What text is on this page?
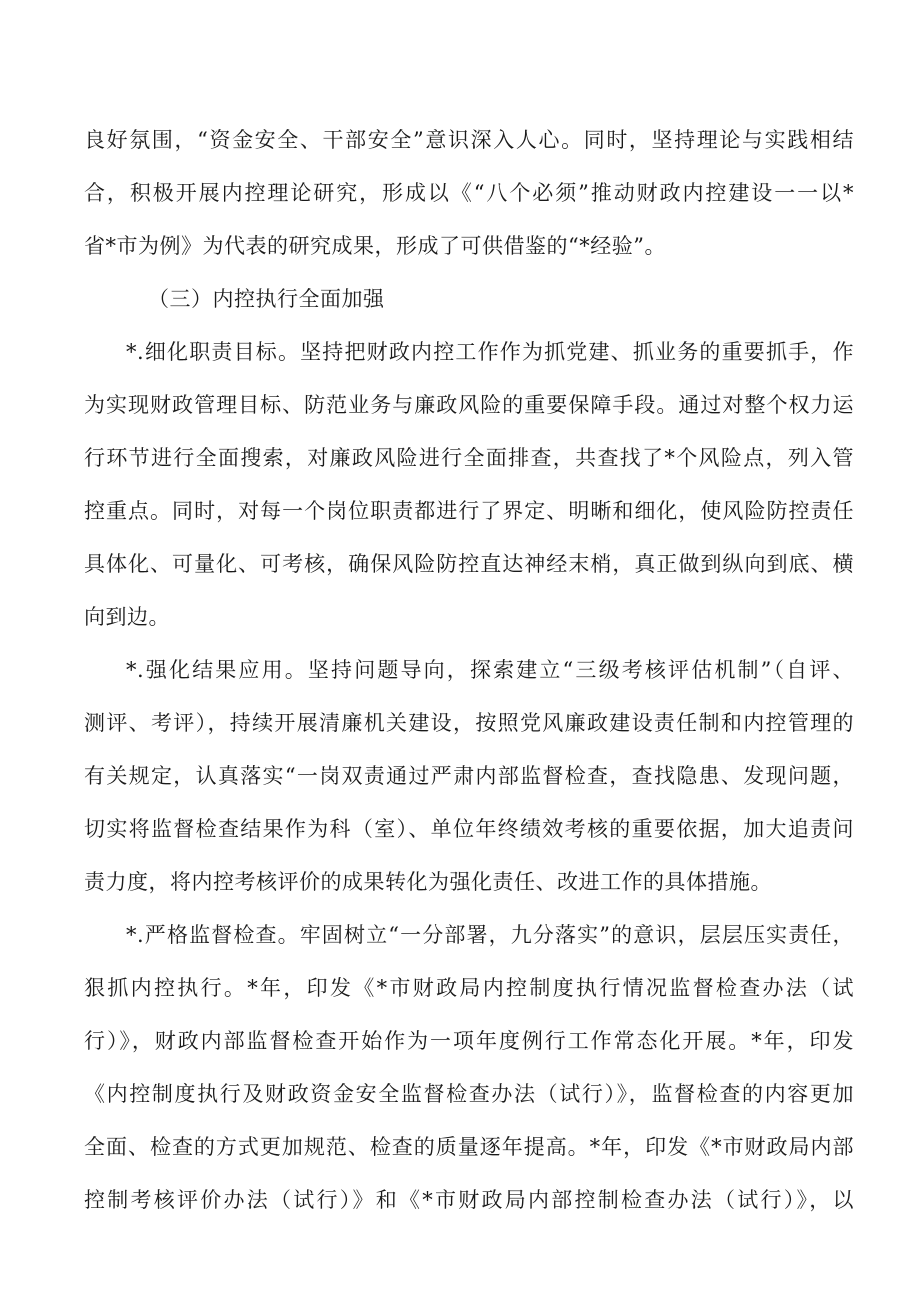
良好氛围，“资金安全、干部安全”意识深入人心。同时，坚持理论与实践相结
合，积极开展内控理论研究，形成以《“八个必须”推动财政内控建设一一以*
省*市为例》为代表的研究成果，形成了可供借鉴的“*经验”。
（三）内控执行全面加强
*.细化职责目标。坚持把财政内控工作作为抓党建、抓业务的重要抓手，作
为实现财政管理目标、防范业务与廉政风险的重要保障手段。通过对整个权力运
行环节进行全面搜索，对廉政风险进行全面排查，共查找了*个风险点，列入管
控重点。同时，对每一个岗位职责都进行了界定、明晰和细化，使风险防控责任
具体化、可量化、可考核，确保风险防控直达神经末梢，真正做到纵向到底、横
向到边。
*.强化结果应用。坚持问题导向，探索建立“三级考核评估机制”（自评、
测评、考评），持续开展清廉机关建设，按照党风廉政建设责任制和内控管理的
有关规定，认真落实“一岗双责通过严肃内部监督检查，查找隐患、发现问题，
切实将监督检查结果作为科（室）、单位年终绩效考核的重要依据，加大追责问
责力度，将内控考核评价的成果转化为强化责任、改进工作的具体措施。
*.严格监督检查。牢固树立“一分部署，九分落实”的意识，层层压实责任，
狠抓内控执行。*年，印发《*市财政局内控制度执行情况监督检查办法（试
行）》，财政内部监督检查开始作为一项年度例行工作常态化开展。*年，印发
《内控制度执行及财政资金安全监督检查办法（试行）》，监督检查的内容更加
全面、检查的方式更加规范、检查的质量逐年提高。*年，印发《*市财政局内部
控制考核评价办法（试行）》和《*市财政局内部控制检查办法（试行）》，以
